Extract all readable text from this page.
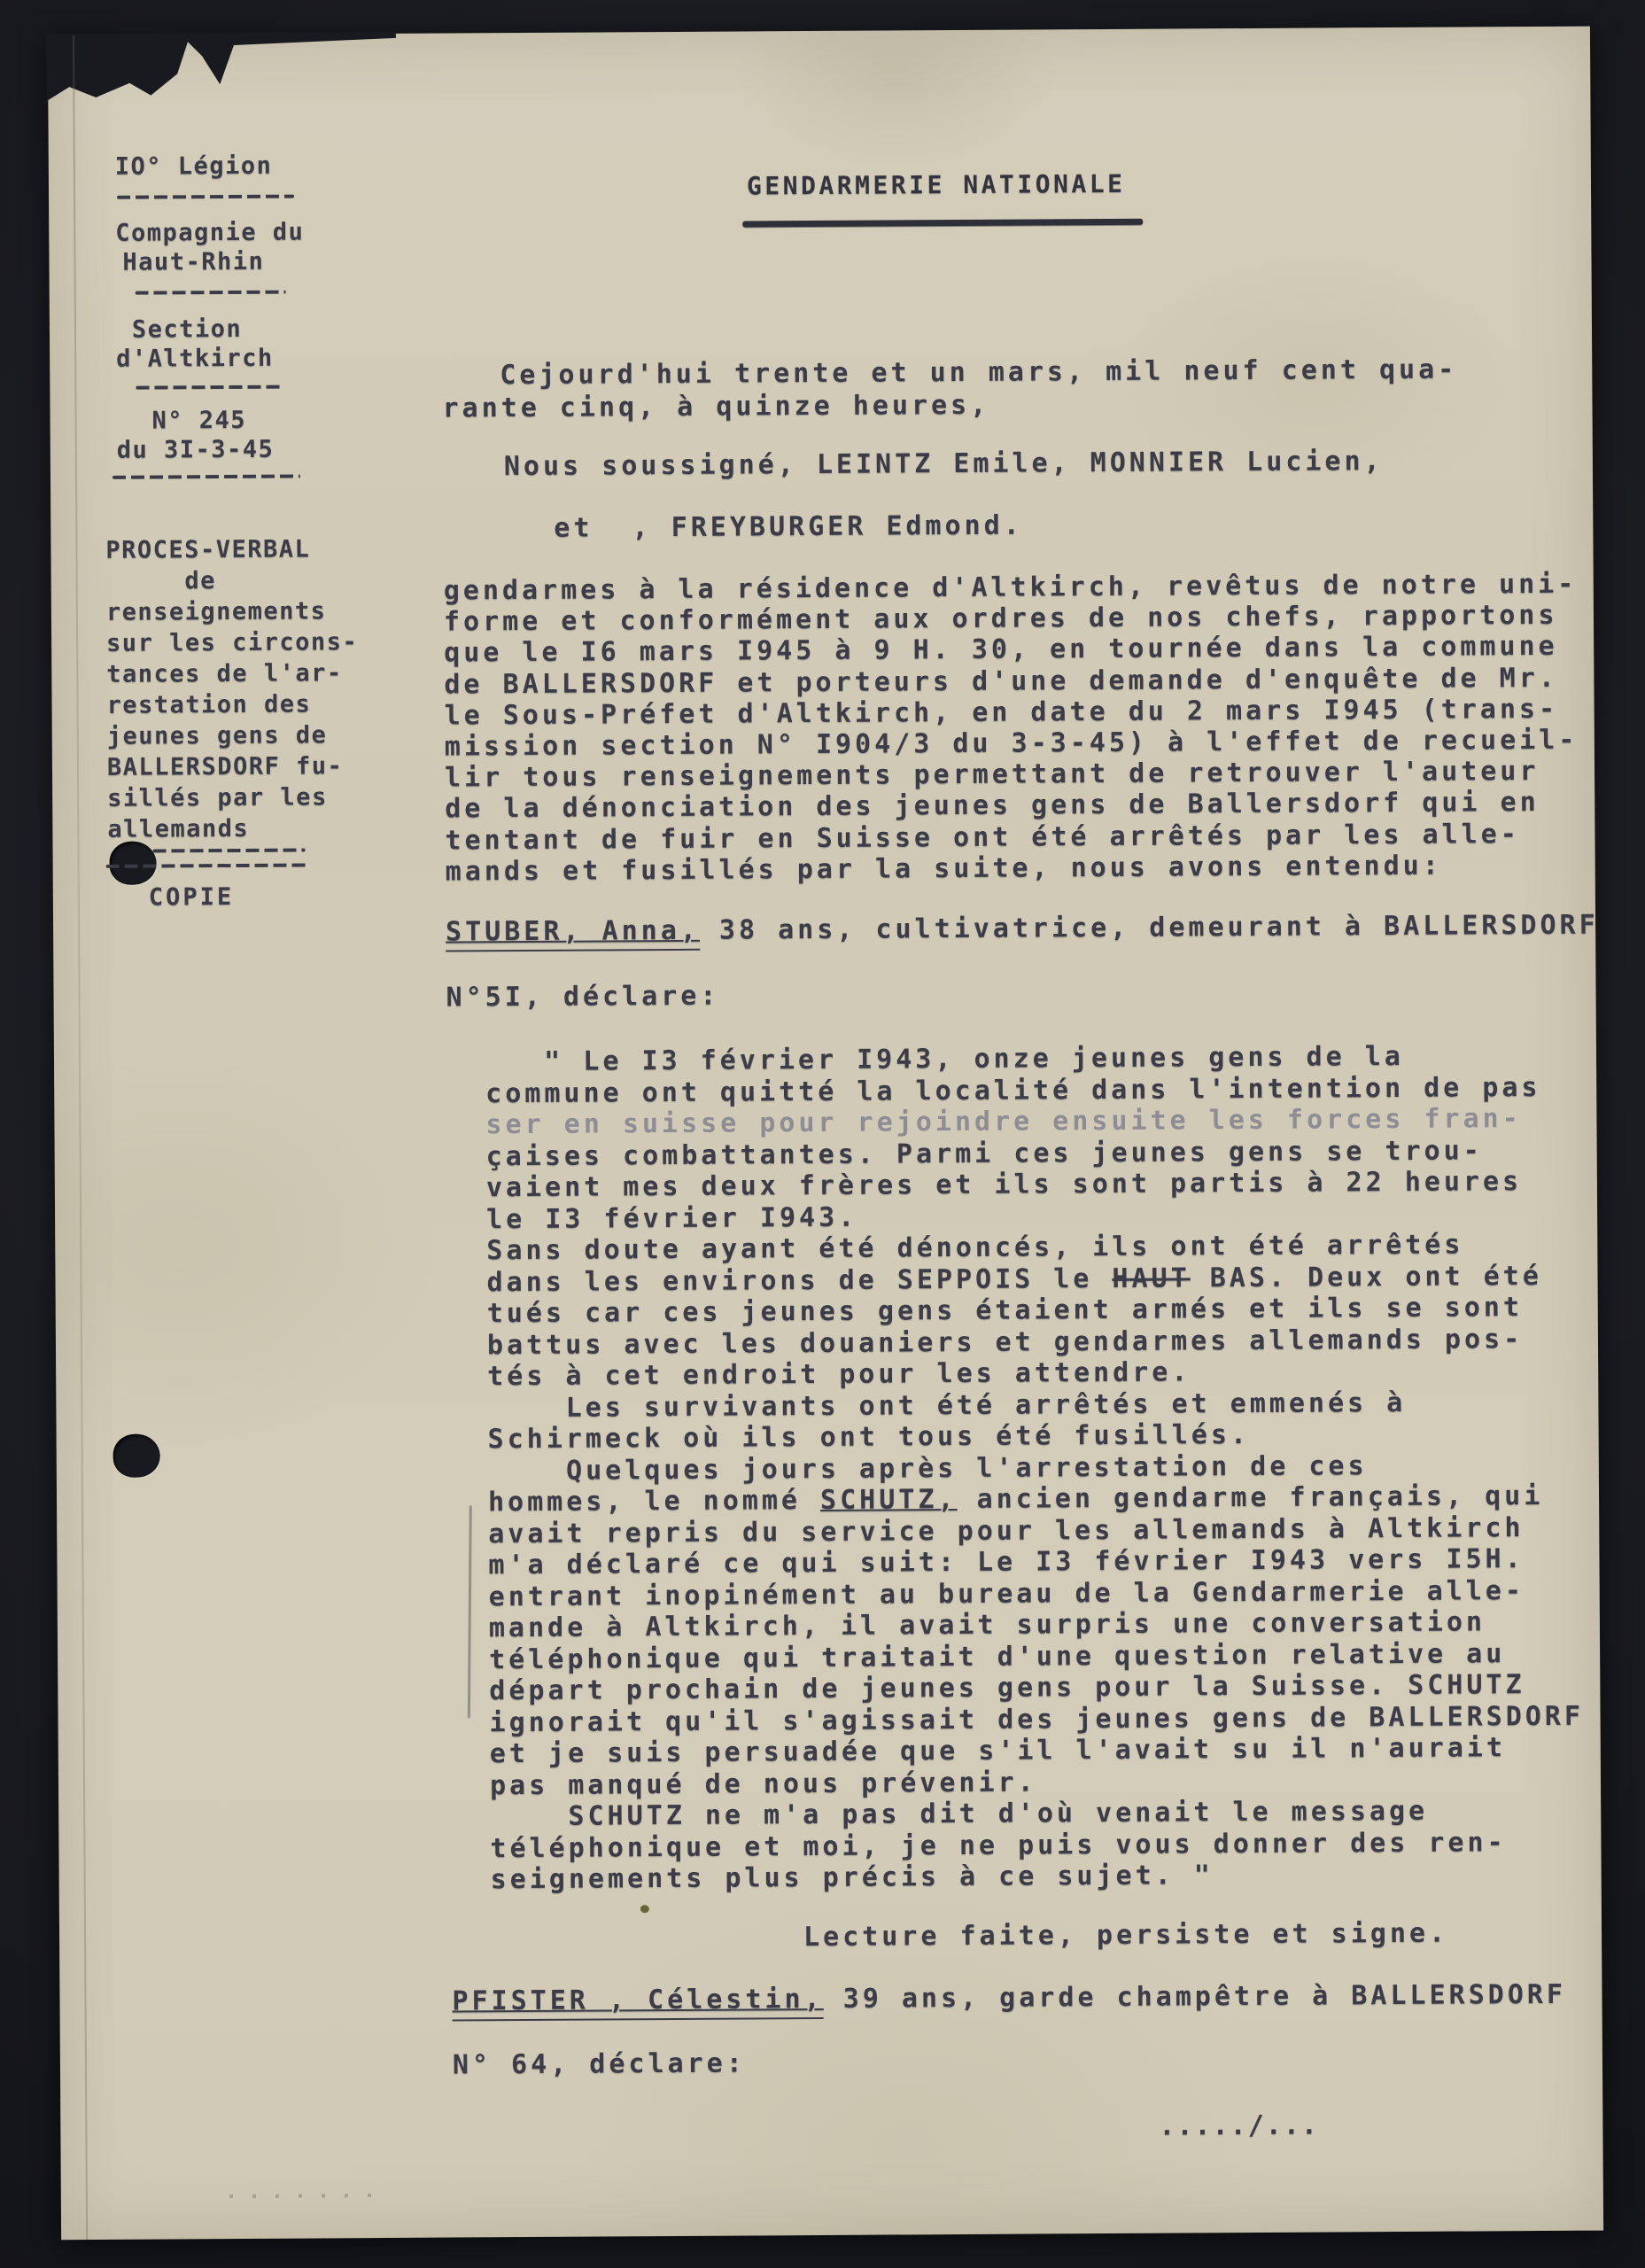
IO° Légion
Compagnie du
Haut-Rhin
Section
d'Altkirch
N° 245
du 3I-3-45
PROCES-VERBAL
de
renseignements
sur les circons-
tances de l'ar-
restation des
jeunes gens de
BALLERSDORF fu-
sillés par les
allemands
COPIE
GENDARMERIE NATIONALE
Cejourd'hui trente et un mars, mil neuf cent qua-
rante cinq, à quinze heures,
Nous soussigné, LEINTZ Emile, MONNIER Lucien,
et  , FREYBURGER Edmond.
gendarmes à la résidence d'Altkirch, revêtus de notre uni-
forme et conformément aux ordres de nos chefs, rapportons
que le I6 mars I945 à 9 H. 30, en tournée dans la commune
de BALLERSDORF et porteurs d'une demande d'enquête de Mr.
le Sous-Préfet d'Altkirch, en date du 2 mars I945 (trans-
mission section N° I904/3 du 3-3-45) à l'effet de recueil-
lir tous renseignements permettant de retrouver l'auteur
de la dénonciation des jeunes gens de Ballersdorf qui en
tentant de fuir en Suisse ont été arrêtés par les alle-
mands et fusillés par la suite, nous avons entendu:
STUBER, Anna, 38 ans, cultivatrice, demeurant à BALLERSDORF
N°5I, déclare:
" Le I3 février I943, onze jeunes gens de la
commune ont quitté la localité dans l'intention de pas
ser en suisse pour rejoindre ensuite les forces fran-
çaises combattantes. Parmi ces jeunes gens se trou-
vaient mes deux frères et ils sont partis à 22 heures
le I3 février I943.
Sans doute ayant été dénoncés, ils ont été arrêtés
dans les environs de SEPPOIS le HAUT BAS. Deux ont été
tués car ces jeunes gens étaient armés et ils se sont
battus avec les douaniers et gendarmes allemands pos-
tés à cet endroit pour les attendre.
Les survivants ont été arrêtés et emmenés à
Schirmeck où ils ont tous été fusillés.
Quelques jours après l'arrestation de ces
hommes, le nommé SCHUTZ, ancien gendarme français, qui
avait repris du service pour les allemands à Altkirch
m'a déclaré ce qui suit: Le I3 février I943 vers I5H.
entrant inopinément au bureau de la Gendarmerie alle-
mande à Altkirch, il avait surpris une conversation
téléphonique qui traitait d'une question relative au
départ prochain de jeunes gens pour la Suisse. SCHUTZ
ignorait qu'il s'agissait des jeunes gens de BALLERSDORF
et je suis persuadée que s'il l'avait su il n'aurait
pas manqué de nous prévenir.
SCHUTZ ne m'a pas dit d'où venait le message
téléphonique et moi, je ne puis vous donner des ren-
seignements plus précis à ce sujet. "
Lecture faite, persiste et signe.
PFISTER , Célestin, 39 ans, garde champêtre à BALLERSDORF
N° 64, déclare:
...../...
